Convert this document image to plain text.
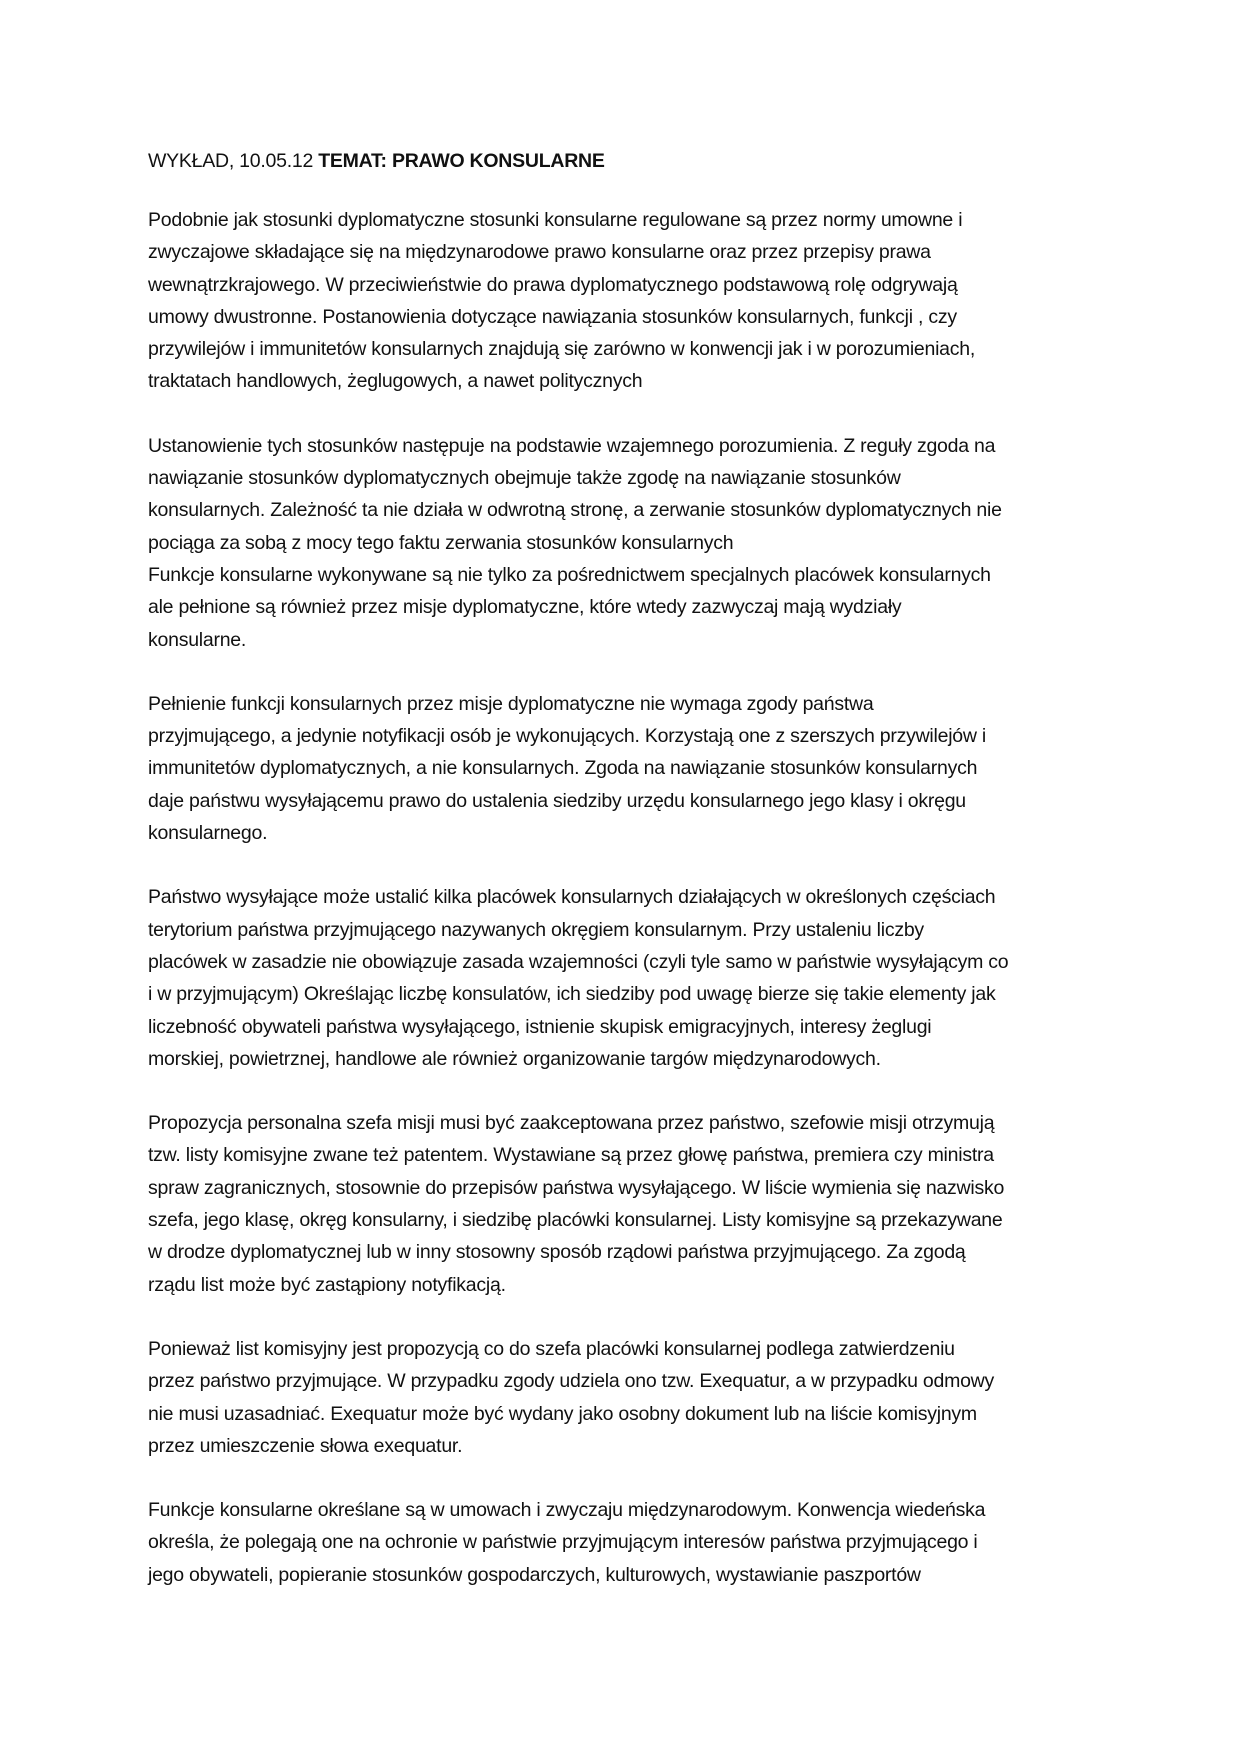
WYKŁAD, 10.05.12 TEMAT: PRAWO KONSULARNE

Podobnie jak stosunki dyplomatyczne stosunki konsularne regulowane są przez normy umowne i
zwyczajowe składające się na międzynarodowe prawo konsularne oraz przez przepisy prawa
wewnątrzkrajowego. W przeciwieństwie do prawa dyplomatycznego podstawową rolę odgrywają
umowy dwustronne. Postanowienia dotyczące nawiązania stosunków konsularnych, funkcji , czy
przywilejów i immunitetów konsularnych znajdują się zarówno w konwencji jak i w porozumieniach,
traktatach handlowych, żeglugowych, a nawet politycznych

Ustanowienie tych stosunków następuje na podstawie wzajemnego porozumienia. Z reguły zgoda na
nawiązanie stosunków dyplomatycznych obejmuje także zgodę na nawiązanie stosunków
konsularnych. Zależność ta nie działa w odwrotną stronę, a zerwanie stosunków dyplomatycznych nie
pociąga za sobą z mocy tego faktu zerwania stosunków konsularnych
Funkcje konsularne wykonywane są nie tylko za pośrednictwem specjalnych placówek konsularnych
ale pełnione są również przez misje dyplomatyczne, które wtedy zazwyczaj mają wydziały
konsularne.

Pełnienie funkcji konsularnych przez misje dyplomatyczne nie wymaga zgody państwa
przyjmującego, a jedynie notyfikacji osób je wykonujących. Korzystają one z szerszych przywilejów i
immunitetów dyplomatycznych, a nie konsularnych. Zgoda na nawiązanie stosunków konsularnych
daje państwu wysyłającemu prawo do ustalenia siedziby urzędu konsularnego jego klasy i okręgu
konsularnego.

Państwo wysyłające może ustalić kilka placówek konsularnych działających w określonych częściach
terytorium państwa przyjmującego nazywanych okręgiem konsularnym. Przy ustaleniu liczby
placówek w zasadzie nie obowiązuje zasada wzajemności (czyli tyle samo w państwie wysyłającym co
i w przyjmującym) Określając liczbę konsulatów, ich siedziby pod uwagę bierze się takie elementy jak
liczebność obywateli państwa wysyłającego, istnienie skupisk emigracyjnych, interesy żeglugi
morskiej, powietrznej, handlowe ale również organizowanie targów międzynarodowych.

Propozycja personalna szefa misji musi być zaakceptowana przez państwo, szefowie misji otrzymują
tzw. listy komisyjne zwane też patentem. Wystawiane są przez głowę państwa, premiera czy ministra
spraw zagranicznych, stosownie do przepisów państwa wysyłającego. W liście wymienia się nazwisko
szefa, jego klasę, okręg konsularny, i siedzibę placówki konsularnej. Listy komisyjne są przekazywane
w drodze dyplomatycznej lub w inny stosowny sposób rządowi państwa przyjmującego. Za zgodą
rządu list może być zastąpiony notyfikacją.

Ponieważ list komisyjny jest propozycją co do szefa placówki konsularnej podlega zatwierdzeniu
przez państwo przyjmujące. W przypadku zgody udziela ono tzw. Exequatur, a w przypadku odmowy
nie musi uzasadniać. Exequatur może być wydany jako osobny dokument lub na liście komisyjnym
przez umieszczenie słowa exequatur.

Funkcje konsularne określane są w umowach i zwyczaju międzynarodowym. Konwencja wiedeńska
określa, że polegają one na ochronie w państwie przyjmującym interesów państwa przyjmującego i
jego obywateli, popieranie stosunków gospodarczych, kulturowych, wystawianie paszportów
